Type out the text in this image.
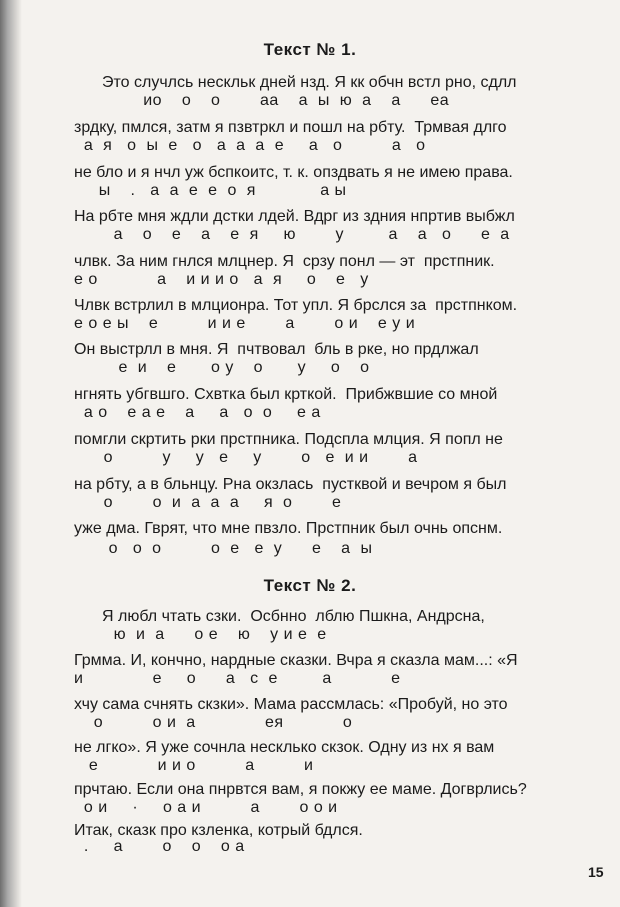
Текст № 1.
Это случлсь нескльк дней нзд. Я кк обчн встл рно, сдлл
ио    о    о        аа    а  ы  ю  а    а      еа
зрдку, пмлся, затм я пзвтркл и пошл на рбту.  Трмвая длго
а  я   о  ы  е   о   а  а  а  е     а   о          а   о
не бло и я нчл уж бспкоитс, т. к. опздвать я не имею права.
ы    .   а  а  е  е  о  я             а ы
На рбте мня ждли дстки лдей. Вдрг из здния нпртив выбжл
а    о    е    а    е  я     ю        у         а    а   о      е  а
члвк. За ним гнлся млцнер. Я  срзу понл — эт  прстпник.
е о            а    и и и о   а  я     о    е   у
Члвк встрлил в млционра. Тот упл. Я брслся за  прстпнком.
е о е ы    е          и и е        а        о и    е у и
Он выстрлл в мня. Я  пчтвовал  бль в рке, но прдлжал
е  и    е       о у    о       у     о    о
нгнять убгвшго. Схвтка был крткой.  Прибжвшие со мной
а о    е а е    а     а   о  о     е а
помгли скртить рки прстпника. Подспла млция. Я попл не
о          у     у   е     у        о   е  и и        а
на рбту, а в бльнцу. Рна окзлась  пустквой и вечром я был
о        о  и  а  а  а     я  о        е
уже дма. Гврят, что мне пвзло. Прстпник был очнь опснм.
о   о  о          о  е   е  у      е    а  ы
Текст № 2.
Я любл чтать сзки.  Осбнно  лблю Пшкна, Андрсна,
ю  и  а      о е    ю    у и е  е
Грмма. И, кончно, нардные сказки. Вчра я сказла мам...: «Я
и              е     о      а   с  е         а            е
хчу сама счнять скзки». Мама рассмлась: «Пробуй, но это
о          о и  а              ея            о
не лгко». Я уже сочнла несклько скзок. Одну из нх я вам
е            и и о          а          и
прчтаю. Если она пнрвтся вам, я покжу ее маме. Догврлись?
о и     ·     о а и          а        о о и
Итак, сказк про кзленка, котрый бдлся.
.     а        о    о    о а
15
